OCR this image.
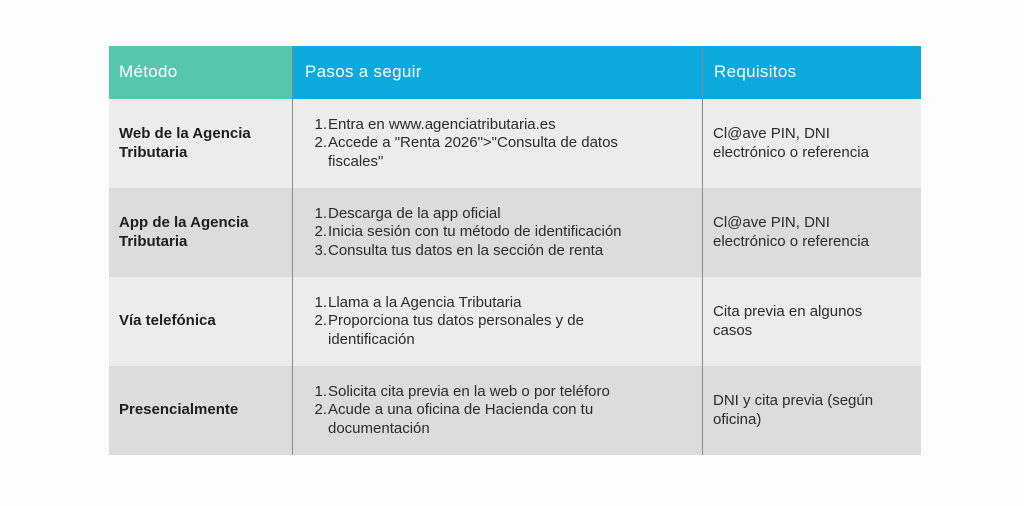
Método	Pasos a seguir	Requisitos
Web de la Agencia Tributaria
1. Entra en www.agenciatributaria.es
2. Accede a "Renta 2026">"Consulta de datos fiscales"
Cl@ave PIN, DNI electrónico o referencia
App de la Agencia Tributaria
1. Descarga de la app oficial
2. Inicia sesión con tu método de identificación
3. Consulta tus datos en la sección de renta
Cl@ave PIN, DNI electrónico o referencia
Vía telefónica
1. Llama a la Agencia Tributaria
2. Proporciona tus datos personales y de identificación
Cita previa en algunos casos
Presencialmente
1. Solicita cita previa en la web o por teléforo
2. Acude a una oficina de Hacienda con tu documentación
DNI y cita previa (según oficina)
